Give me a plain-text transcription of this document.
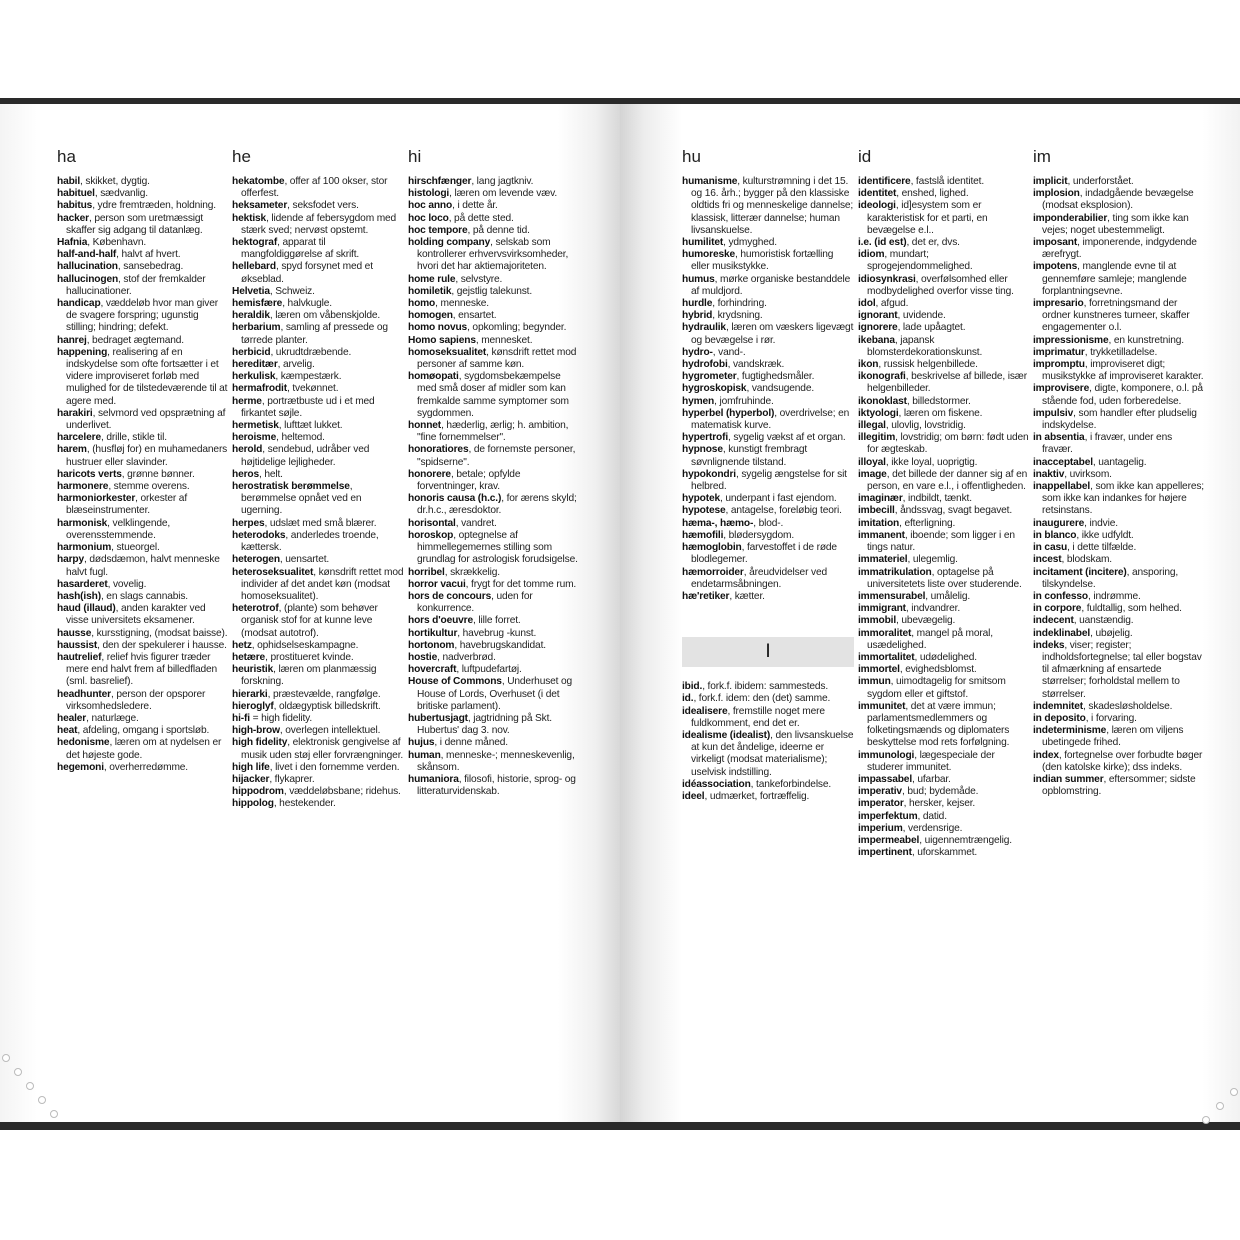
ha
habil, skikket, dygtig.
habituel, sædvanlig.
habitus, ydre fremtræden, holdning.
hacker, person som uretmæssigt skaffer sig adgang til datanlæg.
Hafnia, København.
half-and-half, halvt af hvert.
hallucination, sansebedrag.
hallucinogen, stof der fremkalder hallucinationer.
handicap, væddeløb hvor man giver de svagere forspring; ugunstig stilling; hindring; defekt.
hanrej, bedraget ægtemand.
happening, realisering af en indskydelse som ofte fortsætter i et videre improviseret forløb med mulighed for de tilstedeværende til at agere med.
harakiri, selvmord ved opsprætning af underlivet.
harcelere, drille, stikle til.
harem, (husfløj for) en muhamedaners hustruer eller slavinder.
haricots verts, grønne bønner.
harmonere, stemme overens.
harmoniorkester, orkester af blæseinstrumenter.
harmonisk, velklingende, overensstemmende.
harmonium, stueorgel.
harpy, dødsdæmon, halvt menneske halvt fugl.
hasarderet, vovelig.
hash(ish), en slags cannabis.
haud (illaud), anden karakter ved visse universitets eksamener.
hausse, kursstigning, (modsat baisse).
haussist, den der spekulerer i hausse.
hautrelief, relief hvis figurer træder mere end halvt frem af billedfladen (sml. basrelief).
headhunter, person der opsporer virksomhedsledere.
healer, naturlæge.
heat, afdeling, omgang i sportsløb.
hedonisme, læren om at nydelsen er det højeste gode.
hegemoni, overherredømme.
he
hekatombe, offer af 100 okser, stor offerfest.
heksameter, seksfodet vers.
hektisk, lidende af febersygdom med stærk sved; nervøst opstemt.
hektograf, apparat til mangfoldiggørelse af skrift.
hellebard, spyd forsynet med et økseblad.
Helvetia, Schweiz.
hemisfære, halvkugle.
heraldik, læren om våbenskjolde.
herbarium, samling af pressede og tørrede planter.
herbicid, ukrudtdræbende.
hereditær, arvelig.
herkulisk, kæmpestærk.
hermafrodit, tvekønnet.
herme, portrætbuste ud i et med firkantet søjle.
hermetisk, lufttæt lukket.
heroisme, heltemod.
herold, sendebud, udråber ved højtidelige lejligheder.
heros, helt.
herostratisk berømmelse, berømmelse opnået ved en ugerning.
herpes, udslæt med små blærer.
heterodoks, anderledes troende, kættersk.
heterogen, uensartet.
heteroseksualitet, kønsdrift rettet mod individer af det andet køn (modsat homoseksualitet).
heterotrof, (plante) som behøver organisk stof for at kunne leve (modsat autotrof).
hetz, ophidselseskampagne.
hetære, prostitueret kvinde.
heuristik, læren om planmæssig forskning.
hierarki, præstevælde, rangfølge.
hieroglyf, oldægyptisk billedskrift.
hi-fi = high fidelity.
high-brow, overlegen intellektuel.
high fidelity, elektronisk gengivelse af musik uden støj eller forvrængninger.
high life, livet i den fornemme verden.
hijacker, flykaprer.
hippodrom, væddeløbsbane; ridehus.
hippolog, hestekender.
hi
hirschfænger, lang jagtkniv.
histologi, læren om levende væv.
hoc anno, i dette år.
hoc loco, på dette sted.
hoc tempore, på denne tid.
holding company, selskab som kontrollerer erhvervsvirksomheder, hvori det har aktiemajoriteten.
home rule, selvstyre.
homiletik, gejstlig talekunst.
homo, menneske.
homogen, ensartet.
homo novus, opkomling; begynder.
Homo sapiens, mennesket.
homoseksualitet, kønsdrift rettet mod personer af samme køn.
homøopati, sygdomsbekæmpelse med små doser af midler som kan fremkalde samme symptomer som sygdommen.
honnet, hæderlig, ærlig; h. ambition, "fine fornemmelser".
honoratiores, de fornemste personer, "spidserne".
honorere, betale; opfylde forventninger, krav.
honoris causa (h.c.), for ærens skyld; dr.h.c., æresdoktor.
horisontal, vandret.
horoskop, optegnelse af himmellegemernes stilling som grundlag for astrologisk forudsigelse.
horribel, skrækkelig.
horror vacui, frygt for det tomme rum.
hors de concours, uden for konkurrence.
hors d'oeuvre, lille forret.
hortikultur, havebrug -kunst.
hortonom, havebrugskandidat.
hostie, nadverbrød.
hovercraft, luftpudefartøj.
House of Commons, Underhuset og House of Lords, Overhuset (i det britiske parlament).
hubertusjagt, jagtridning på Skt. Hubertus' dag 3. nov.
hujus, i denne måned.
human, menneske-; menneskevenlig, skånsom.
humaniora, filosofi, historie, sprog- og litteraturvidenskab.
hu
humanisme, kulturstrømning i det 15. og 16. årh.; bygger på den klassiske oldtids fri og menneskelige dannelse; klassisk, litterær dannelse; human livsanskuelse.
humilitet, ydmyghed.
humoreske, humoristisk fortælling eller musikstykke.
humus, mørke organiske bestanddele af muldjord.
hurdle, forhindring.
hybrid, krydsning.
hydraulik, læren om væskers ligevægt og bevægelse i rør.
hydro-, vand-.
hydrofobi, vandskræk.
hygrometer, fugtighedsmåler.
hygroskopisk, vandsugende.
hymen, jomfruhinde.
hyperbel (hyperbol), overdrivelse; en matematisk kurve.
hypertrofi, sygelig vækst af et organ.
hypnose, kunstigt frembragt søvnlignende tilstand.
hypokondri, sygelig ængstelse for sit helbred.
hypotek, underpant i fast ejendom.
hypotese, antagelse, foreløbig teori.
hæma-, hæmo-, blod-.
hæmofili, blødersygdom.
hæmoglobin, farvestoffet i de røde blodlegemer.
hæmorroider, åreudvidelser ved endetarmsåbningen.
hæ'retiker, kætter.
I
ibid., fork.f. ibidem: sammesteds.
id., fork.f. idem: den (det) samme.
idealisere, fremstille noget mere fuldkomment, end det er.
idealisme (idealist), den livsanskuelse at kun det åndelige, ideerne er virkeligt (modsat materialisme); uselvisk indstilling.
idéassociation, tankeforbindelse.
ideel, udmærket, fortræffelig.
id
identificere, fastslå identitet.
identitet, enshed, lighed.
ideologi, id]esystem som er karakteristisk for et parti, en bevægelse e.l..
i.e. (id est), det er, dvs.
idiom, mundart; sprogejendommelighed.
idiosynkrasi, overfølsomhed eller modbydelighed overfor visse ting.
idol, afgud.
ignorant, uvidende.
ignorere, lade upåagtet.
ikebana, japansk blomsterdekorationskunst.
ikon, russisk helgenbillede.
ikonografi, beskrivelse af billede, især helgenbilleder.
ikonoklast, billedstormer.
iktyologi, læren om fiskene.
illegal, ulovlig, lovstridig.
illegitim, lovstridig; om børn: født uden for ægteskab.
illoyal, ikke loyal, uoprigtig.
image, det billede der danner sig af en person, en vare e.l., i offentligheden.
imaginær, indbildt, tænkt.
imbecill, åndssvag, svagt begavet.
imitation, efterligning.
immanent, iboende; som ligger i en tings natur.
immateriel, ulegemlig.
immatrikulation, optagelse på universitetets liste over studerende.
immensurabel, umålelig.
immigrant, indvandrer.
immobil, ubevægelig.
immoralitet, mangel på moral, usædelighed.
immortalitet, udødelighed.
immortel, evighedsblomst.
immun, uimodtagelig for smitsom sygdom eller et giftstof.
immunitet, det at være immun; parlamentsmedlemmers og folketingsmænds og diplomaters beskyttelse mod rets forfølgning.
immunologi, lægespeciale der studerer immunitet.
impassabel, ufarbar.
imperativ, bud; bydemåde.
imperator, hersker, kejser.
imperfektum, datid.
imperium, verdensrige.
impermeabel, uigennemtrængelig.
impertinent, uforskammet.
im
implicit, underforstået.
implosion, indadgående bevægelse (modsat eksplosion).
imponderabilier, ting som ikke kan vejes; noget ubestemmeligt.
imposant, imponerende, indgydende ærefrygt.
impotens, manglende evne til at gennemføre samleje; manglende forplantningsevne.
impresario, forretningsmand der ordner kunstneres turneer, skaffer engagementer o.l.
impressionisme, en kunstretning.
imprimatur, trykketilladelse.
impromptu, improviseret digt; musikstykke af improviseret karakter.
improvisere, digte, komponere, o.l. på stående fod, uden forberedelse.
impulsiv, som handler efter pludselig indskydelse.
in absentia, i fravær, under ens fravær.
inacceptabel, uantagelig.
inaktiv, uvirksom.
inappellabel, som ikke kan appelleres; som ikke kan indankes for højere retsinstans.
inaugurere, indvie.
in blanco, ikke udfyldt.
in casu, i dette tilfælde.
incest, blodskam.
incitament (incitere), ansporing, tilskyndelse.
in confesso, indrømme.
in corpore, fuldtallig, som helhed.
indecent, uanstændig.
indeklinabel, ubøjelig.
indeks, viser; register; indholdsfortegnelse; tal eller bogstav til afmærkning af ensartede størrelser; forholdstal mellem to størrelser.
indemnitet, skadesløsholdelse.
in deposito, i forvaring.
indeterminisme, læren om viljens ubetingede frihed.
index, fortegnelse over forbudte bøger (den katolske kirke); dss indeks.
indian summer, eftersommer; sidste opblomstring.
